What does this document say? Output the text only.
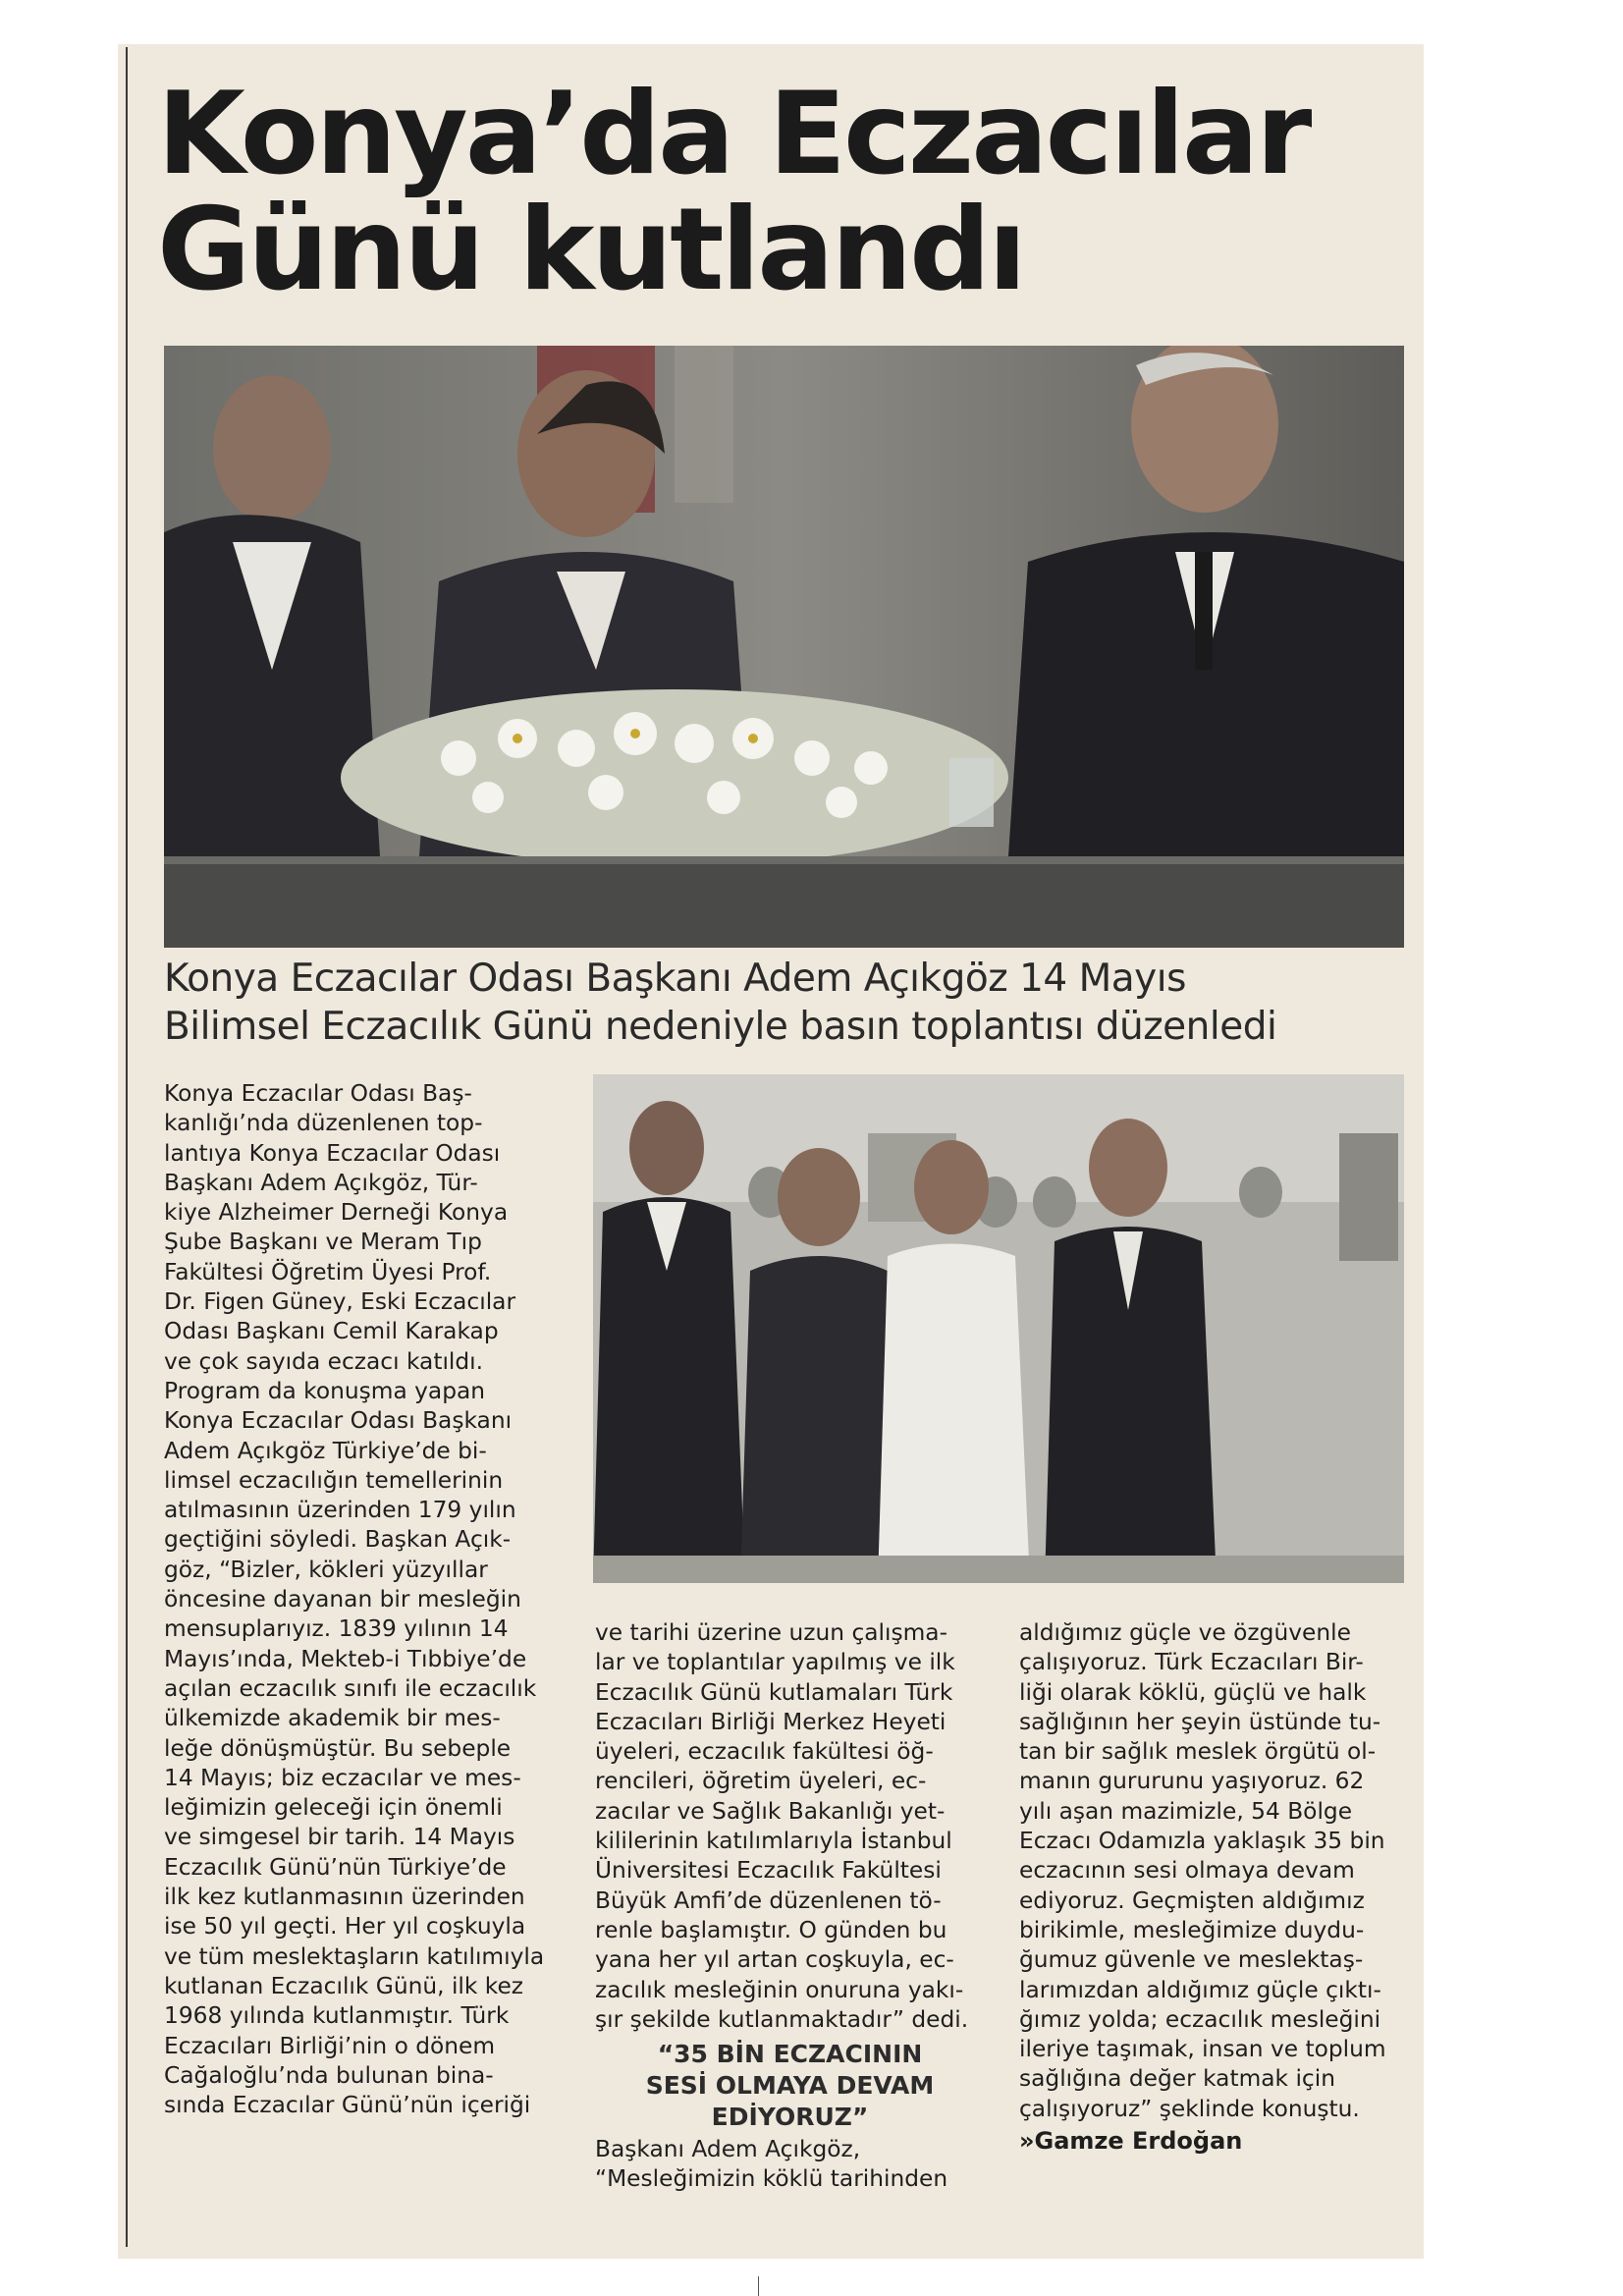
Konya’da Eczacılar
Günü kutlandı
Konya Eczacılar Odası Başkanı Adem Açıkgöz 14 Mayıs
Bilimsel Eczacılık Günü nedeniyle basın toplantısı düzenledi

Konya Eczacılar Odası Baş-
kanlığı’nda düzenlenen top-
lantıya Konya Eczacılar Odası
Başkanı Adem Açıkgöz, Tür-
kiye Alzheimer Derneği Konya
Şube Başkanı ve Meram Tıp
Fakültesi Öğretim Üyesi Prof.
Dr. Figen Güney, Eski Eczacılar
Odası Başkanı Cemil Karakap
ve çok sayıda eczacı katıldı.
Program da konuşma yapan
Konya Eczacılar Odası Başkanı
Adem Açıkgöz Türkiye’de bi-
limsel eczacılığın temellerinin
atılmasının üzerinden 179 yılın
geçtiğini söyledi. Başkan Açık-
göz, “Bizler, kökleri yüzyıllar
öncesine dayanan bir mesleğin
mensuplarıyız. 1839 yılının 14
Mayıs’ında, Mekteb-i Tıbbiye’de
açılan eczacılık sınıfı ile eczacılık
ülkemizde akademik bir mes-
leğe dönüşmüştür. Bu sebeple
14 Mayıs; biz eczacılar ve mes-
leğimizin geleceği için önemli
ve simgesel bir tarih. 14 Mayıs
Eczacılık Günü’nün Türkiye’de
ilk kez kutlanmasının üzerinden
ise 50 yıl geçti. Her yıl coşkuyla
ve tüm meslektaşların katılımıyla
kutlanan Eczacılık Günü, ilk kez
1968 yılında kutlanmıştır. Türk
Eczacıları Birliği’nin o dönem
Cağaloğlu’nda bulunan bina-
sında Eczacılar Günü’nün içeriği

ve tarihi üzerine uzun çalışma-
lar ve toplantılar yapılmış ve ilk
Eczacılık Günü kutlamaları Türk
Eczacıları Birliği Merkez Heyeti
üyeleri, eczacılık fakültesi öğ-
rencileri, öğretim üyeleri, ec-
zacılar ve Sağlık Bakanlığı yet-
kililerinin katılımlarıyla İstanbul
Üniversitesi Eczacılık Fakültesi
Büyük Amfi’de düzenlenen tö-
renle başlamıştır. O günden bu
yana her yıl artan coşkuyla, ec-
zacılık mesleğinin onuruna yakı-
şır şekilde kutlanmaktadır” dedi.

“35 BİN ECZACININ
SESİ OLMAYA DEVAM
EDİYORUZ”

Başkanı Adem Açıkgöz,
“Mesleğimizin köklü tarihinden

aldığımız güçle ve özgüvenle
çalışıyoruz. Türk Eczacıları Bir-
liği olarak köklü, güçlü ve halk
sağlığının her şeyin üstünde tu-
tan bir sağlık meslek örgütü ol-
manın gururunu yaşıyoruz. 62
yılı aşan mazimizle, 54 Bölge
Eczacı Odamızla yaklaşık 35 bin
eczacının sesi olmaya devam
ediyoruz. Geçmişten aldığımız
birikimle, mesleğimize duydu-
ğumuz güvenle ve meslektaş-
larımızdan aldığımız güçle çıktı-
ğımız yolda; eczacılık mesleğini
ileriye taşımak, insan ve toplum
sağlığına değer katmak için
çalışıyoruz” şeklinde konuştu.

»Gamze Erdoğan
